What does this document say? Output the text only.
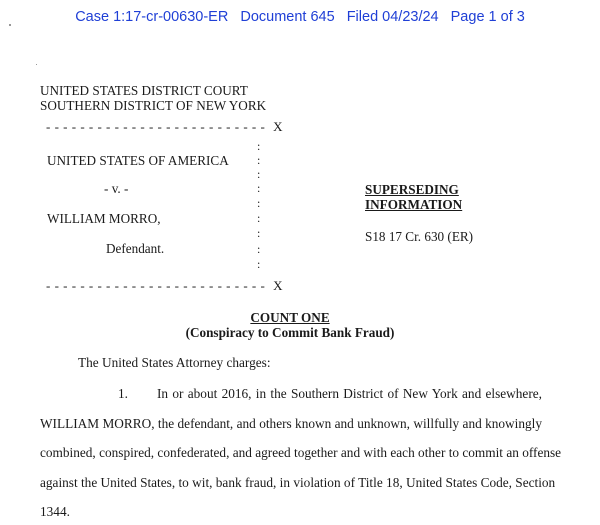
Case 1:17-cr-00630-ER Document 645 Filed 04/23/24 Page 1 of 3
UNITED STATES DISTRICT COURT
SOUTHERN DISTRICT OF NEW YORK
- - - - - - - - - - - - - - - - - - - - - - - - - - X
:
:
:
:
:
:
:
:
:
UNITED STATES OF AMERICA
- v. -
WILLIAM MORRO,
Defendant.
- - - - - - - - - - - - - - - - - - - - - - - - - - X
SUPERSEDING
INFORMATION
S18 17 Cr. 630 (ER)
COUNT ONE
(Conspiracy to Commit Bank Fraud)
The United States Attorney charges:
1. In or about 2016, in the Southern District of New York and elsewhere,
WILLIAM MORRO, the defendant, and others known and unknown, willfully and knowingly
combined, conspired, confederated, and agreed together and with each other to commit an offense
against the United States, to wit, bank fraud, in violation of Title 18, United States Code, Section
1344.
